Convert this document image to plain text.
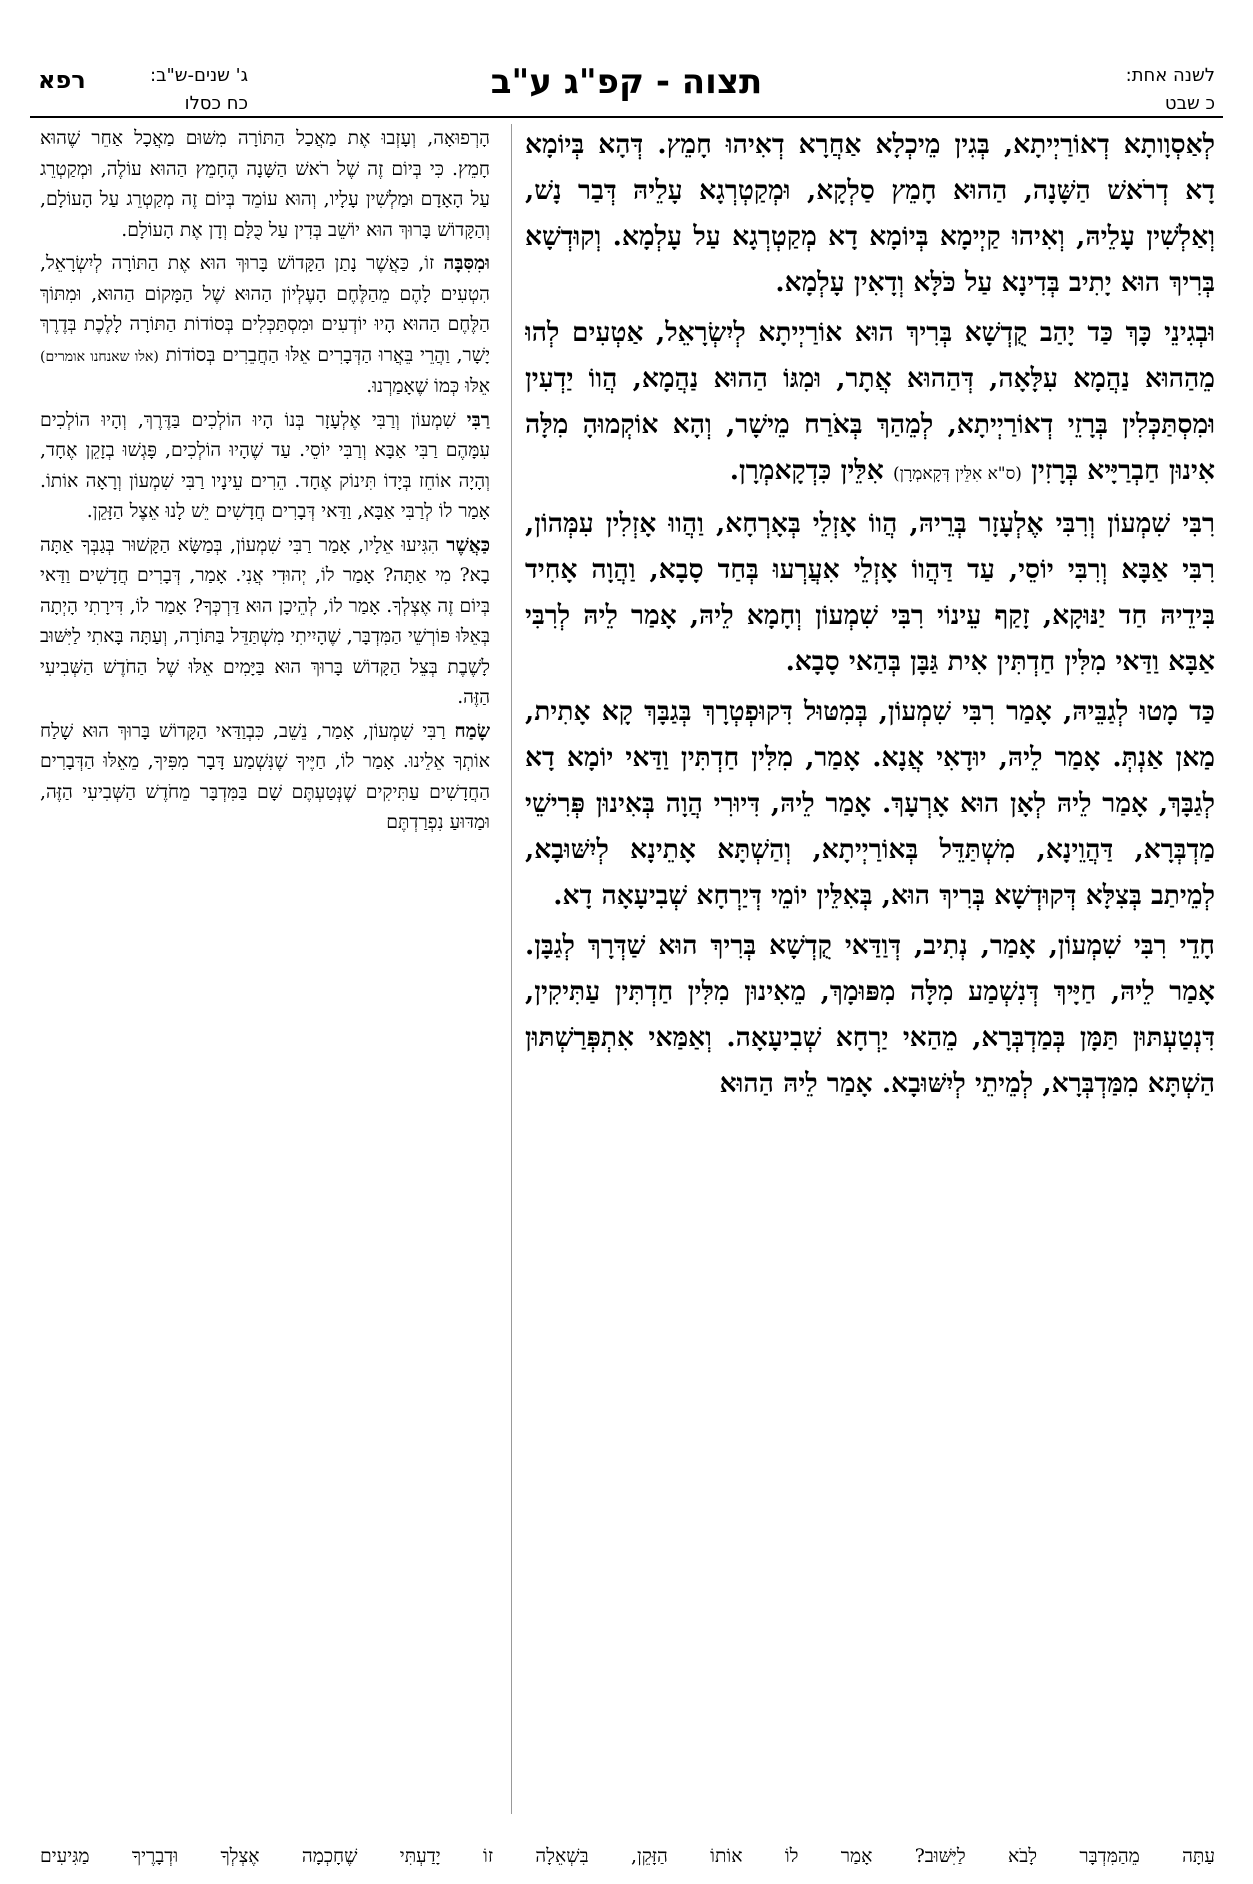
לשנה אחת:
כ שבט
תצוה - קפ"ג ע"ב
ג' שנים-ש"ב:
כח כסלו
רפא

לְאַסְוָותָא דְאוֹרַיְיתָא, בְּגִין מֵיכְלָא אַחֲרָא דְאִיהוּ חָמֵץ. דְּהָא בְּיוֹמָא דָא דְרֹאשׁ הַשָּׁנָה, הַהוּא חָמֵץ סַלְקָא, וּמְקַטְרְגָא עָלֵיהּ דְּבַר נָשׁ, וְאַלְשִׁין עָלֵיהּ, וְאִיהוּ קַיְימָא בְּיוֹמָא דָא מְקַטְרְגָא עַל עָלְמָא. וְקוּדְשָׁא בְּרִיךְ הוּא יָתִיב בְּדִינָא עַל כֹּלָּא וְדָאִין עָלְמָא.

וּבְגִינֵי כָּךְ כַּד יָהַב קֻדְשָׁא בְּרִיךְ הוּא אוֹרַיְיתָא לְיִשְׂרָאֵל, אַטְעִים לְהוּ מֵהַהוּא נַהֲמָא עִלָּאָה, דְּהַהוּא אֲתָר, וּמִגּוֹ הַהוּא נַהֲמָא, הֲווֹ יַדְעִין וּמִסְתַּכְּלִין בְּרָזֵי דְאוֹרַיְיתָא, לְמֵהַךְ בְּאֹרַח מֵישָׁר, וְהָא אוֹקְמוּהָ מִלָּה אִינוּן חַבְרַיָּיא בְּרָזִין (ס"א אִלֵּין דְּקָאמְרָן) אִלֵּין כִּדְקָאמְרָן.

רִבִּי שִׁמְעוֹן וְרִבִּי אֶלְעָזָר בְּרֵיהּ, הֲווֹ אָזְלֵי בְּאָרְחָא, וַהֲווּ אָזְלִין עִמְּהוֹן, רִבִּי אַבָּא וְרִבִּי יוֹסֵי, עַד דַּהֲווֹ אָזְלֵי אִעֲרְעוּ בְּחַד סָבָא, וַהֲוָה אָחִיד בִּידֵיהּ חַד יַנּוּקָא, זָקַף עֵינוֹי רִבִּי שִׁמְעוֹן וְחָמָא לֵיהּ, אָמַר לֵיהּ לְרִבִּי אַבָּא וַדַּאי מִלִּין חַדְתִּין אִית גַּבָּן בְּהַאי סָבָא.

כַּד מָטוּ לְגַבֵּיהּ, אָמַר רִבִּי שִׁמְעוֹן, בְּמִטּוּל דִּקוּפְטְרָךְ בְּגַבָּךְ קָא אָתִית, מַאן אַנְתְּ. אָמַר לֵיהּ, יוּדָאִי אֲנָא. אָמַר, מִלִּין חַדְתִּין וַדַּאי יוֹמָא דָא לְגַבָּךְ, אָמַר לֵיהּ לְאָן הוּא אָרְעָךְ. אָמַר לֵיהּ, דִּיוּרִי הֲוָה בְּאִינוּן פְּרִישֵׁי מַדְבְּרָא, דַּהֲוֵינָא, מִשְׁתַּדֵּל בְּאוֹרַיְיתָא, וְהַשְׁתָּא אָתֵינָא לְיִשּׁוּבָא, לְמֵיתַב בְּצִלָּא דְּקוּדְשָׁא בְּרִיךְ הוּא, בְּאִלֵּין יוֹמֵי דְּיַרְחָא שְׁבִיעָאָה דָא.

חָדֵי רִבִּי שִׁמְעוֹן, אָמַר, נְתִיב, דְּוַדַּאי קֻדְשָׁא בְּרִיךְ הוּא שַׁדְּרָךְ לְגַבָּן. אָמַר לֵיהּ, חַיָּיךְ דְּנִשְׁמַע מִלָּה מִפּוּמָךְ, מֵאִינוּן מִלִּין חַדְתִּין עַתִּיקִין, דִּנְטַעְתּוּן תַּמָּן בְּמַדְבְּרָא, מֵהַאי יַרְחָא שְׁבִיעָאָה. וְאַמַּאי אִתְפְּרַשְׁתּוּן הַשְׁתָּא מִמַּדְבְּרָא, לְמֵיתֵי לְיִשּׁוּבָא. אָמַר לֵיהּ הַהוּא

הָרְפוּאָה, וְעָזְבוּ אֶת מַאֲכַל הַתּוֹרָה מִשּׁוּם מַאֲכָל אַחֵר שֶׁהוּא חָמֵץ. כִּי בְּיוֹם זֶה שֶׁל רֹאשׁ הַשָּׁנָה הֶחָמֵץ הַהוּא עוֹלֶה, וּמְקַטְרֵג עַל הָאָדָם וּמַלְשִׁין עָלָיו, וְהוּא עוֹמֵד בְּיוֹם זֶה מְקַטְרֵג עַל הָעוֹלָם, וְהַקָּדוֹשׁ בָּרוּךְ הוּא יוֹשֵׁב בְּדִין עַל כֻּלָּם וְדָן אֶת הָעוֹלָם.

וּמִסִּבָּה זוֹ, כַּאֲשֶׁר נָתַן הַקָּדוֹשׁ בָּרוּךְ הוּא אֶת הַתּוֹרָה לְיִשְׂרָאֵל, הִטְעִים לָהֶם מֵהַלֶּחֶם הָעֶלְיוֹן הַהוּא שֶׁל הַמָּקוֹם הַהוּא, וּמִתּוֹךְ הַלֶּחֶם הַהוּא הָיוּ יוֹדְעִים וּמִסְתַּכְּלִים בְּסוֹדוֹת הַתּוֹרָה לָלֶכֶת בְּדֶרֶךְ יָשָׁר, וַהֲרֵי בֵּאֲרוּ הַדְּבָרִים אֵלּוּ הַחֲבֵרִים בְּסוֹדוֹת (אלו שאנחנו אומרים) אֵלּוּ כְּמוֹ שֶׁאָמַרְנוּ.

רַבִּי שִׁמְעוֹן וְרַבִּי אֶלְעָזָר בְּנוֹ הָיוּ הוֹלְכִים בַּדֶּרֶךְ, וְהָיוּ הוֹלְכִים עִמָּהֶם רַבִּי אַבָּא וְרַבִּי יוֹסֵי. עַד שֶׁהָיוּ הוֹלְכִים, פָּגְשׁוּ בְזָקֵן אֶחָד, וְהָיָה אוֹחֵז בְּיָדוֹ תִּינוֹק אֶחָד. הֵרִים עֵינָיו רַבִּי שִׁמְעוֹן וְרָאָה אוֹתוֹ. אָמַר לוֹ לְרַבִּי אַבָּא, וַדַּאי דְּבָרִים חֲדָשִׁים יֵשׁ לָנוּ אֵצֶל הַזָּקֵן.

כַּאֲשֶׁר הִגִּיעוּ אֵלָיו, אָמַר רַבִּי שִׁמְעוֹן, בְּמַשָּׂא הַקָּשׁוּר בְּגַבְּךָ אַתָּה בָא? מִי אַתָּה? אָמַר לוֹ, יְהוּדִי אֲנִי. אָמַר, דְּבָרִים חֲדָשִׁים וַדַּאי בְּיוֹם זֶה אֶצְלְךָ. אָמַר לוֹ, לְהֵיכָן הוּא דַּרְכְּךָ? אָמַר לוֹ, דִּירָתִי הָיְתָה בְּאֵלּוּ פּוֹרְשֵׁי הַמִּדְבָּר, שֶׁהָיִיתִי מִשְׁתַּדֵּל בַּתּוֹרָה, וְעַתָּה בָּאתִי לַיִּשּׁוּב לָשֶׁבֶת בְּצֵל הַקָּדוֹשׁ בָּרוּךְ הוּא בַּיָּמִים אֵלּוּ שֶׁל הַחֹדֶשׁ הַשְּׁבִיעִי הַזֶּה.

שָׂמַח רַבִּי שִׁמְעוֹן, אָמַר, נֵשֵׁב, כִּבְוַדַּאי הַקָּדוֹשׁ בָּרוּךְ הוּא שָׁלַח אוֹתְךָ אֵלֵינוּ. אָמַר לוֹ, חַיֶּיךָ שֶׁנִּשְׁמַע דָּבָר מִפִּיךָ, מֵאֵלּוּ הַדְּבָרִים הַחֲדָשִׁים עַתִּיקִים שֶׁנְּטַעְתֶּם שָׁם בַּמִּדְבָּר מֵחֹדֶשׁ הַשְּׁבִיעִי הַזֶּה, וּמַדּוּעַ נִפְרַדְתֶּם

עַתָּה מֵהַמִּדְבָּר לָבֹא לַיִּשּׁוּב? אָמַר לוֹ אוֹתוֹ הַזָּקֵן, בִּשְׁאֵלָה זוֹ יָדַעְתִּי שֶׁחָכְמָה אֶצְלְךָ וּדְבָרֶיךָ מַגִּיעִים
